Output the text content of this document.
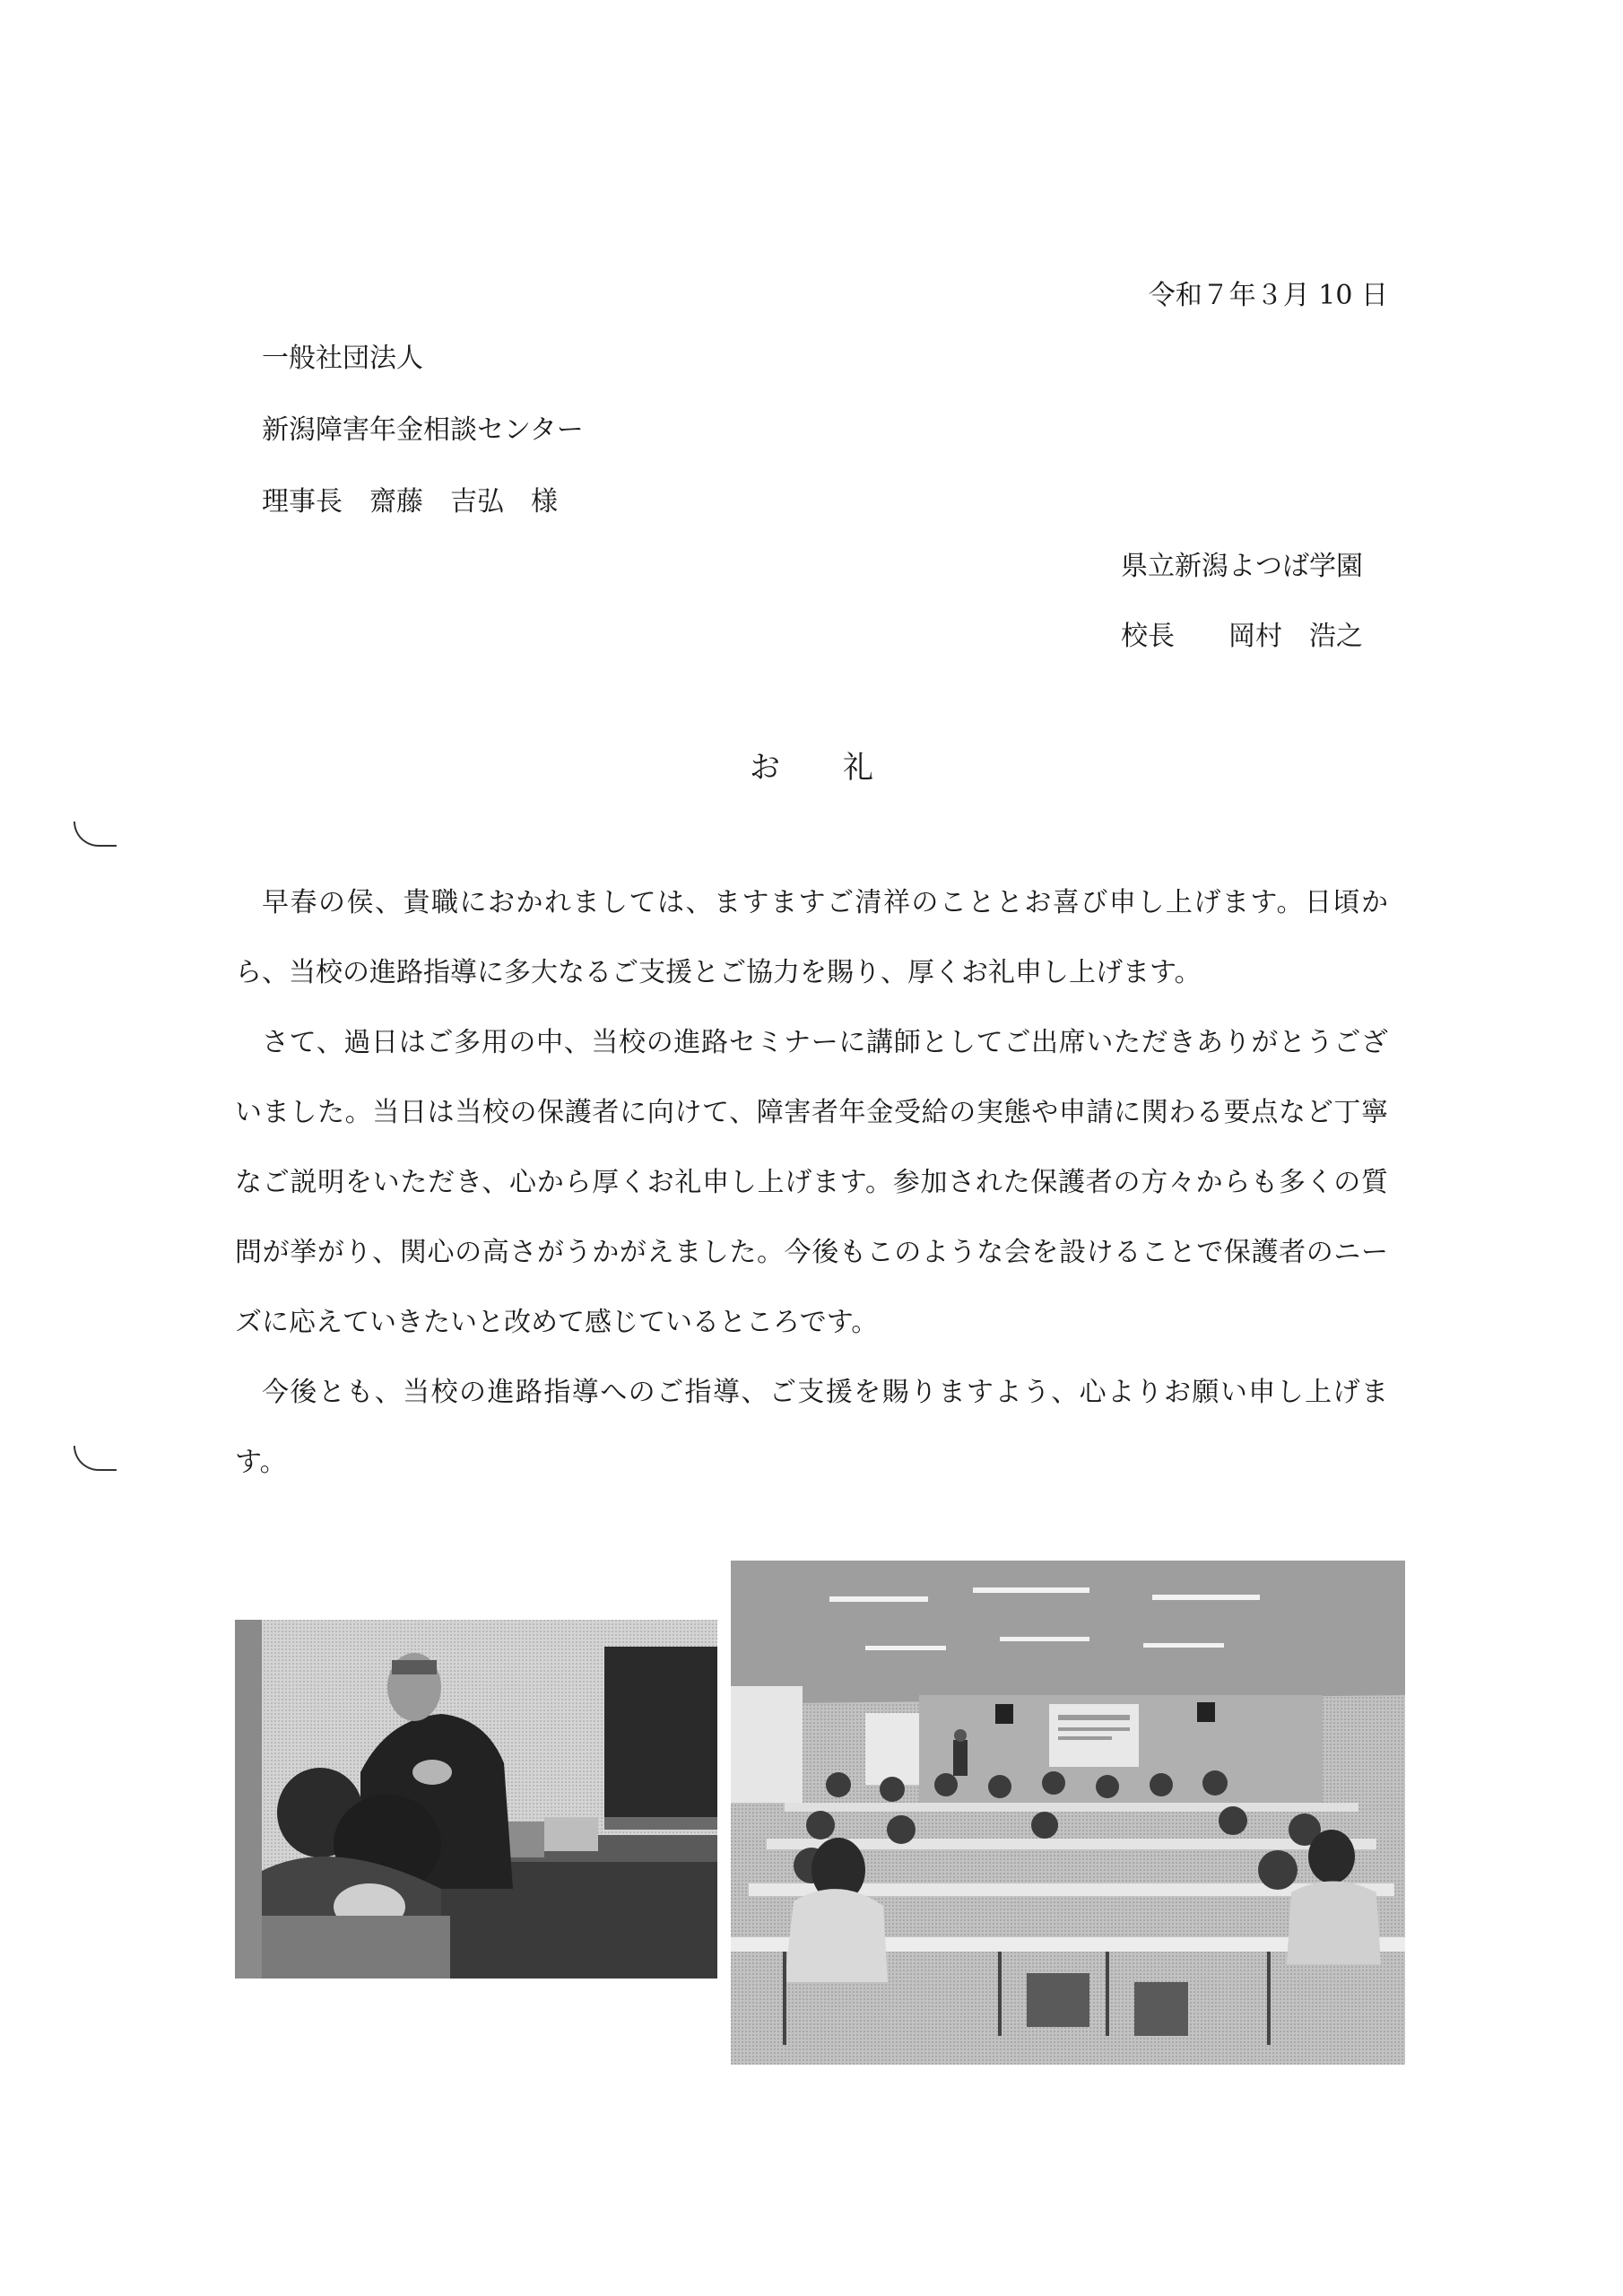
令和７年３月 10 日
一般社団法人
新潟障害年金相談センター
理事長　齋藤　吉弘　様
県立新潟よつば学園
校長　　岡村　浩之
お礼

早春の侯、貴職におかれましては、ますますご清祥のこととお喜び申し上げます。日頃から、当校の進路指導に多大なるご支援とご協力を賜り、厚くお礼申し上げます。

さて、過日はご多用の中、当校の進路セミナーに講師としてご出席いただきありがとうございました。当日は当校の保護者に向けて、障害者年金受給の実態や申請に関わる要点など丁寧なご説明をいただき、心から厚くお礼申し上げます。参加された保護者の方々からも多くの質問が挙がり、関心の高さがうかがえました。今後もこのような会を設けることで保護者のニーズに応えていきたいと改めて感じているところです。

今後とも、当校の進路指導へのご指導、ご支援を賜りますよう、心よりお願い申し上げます。
